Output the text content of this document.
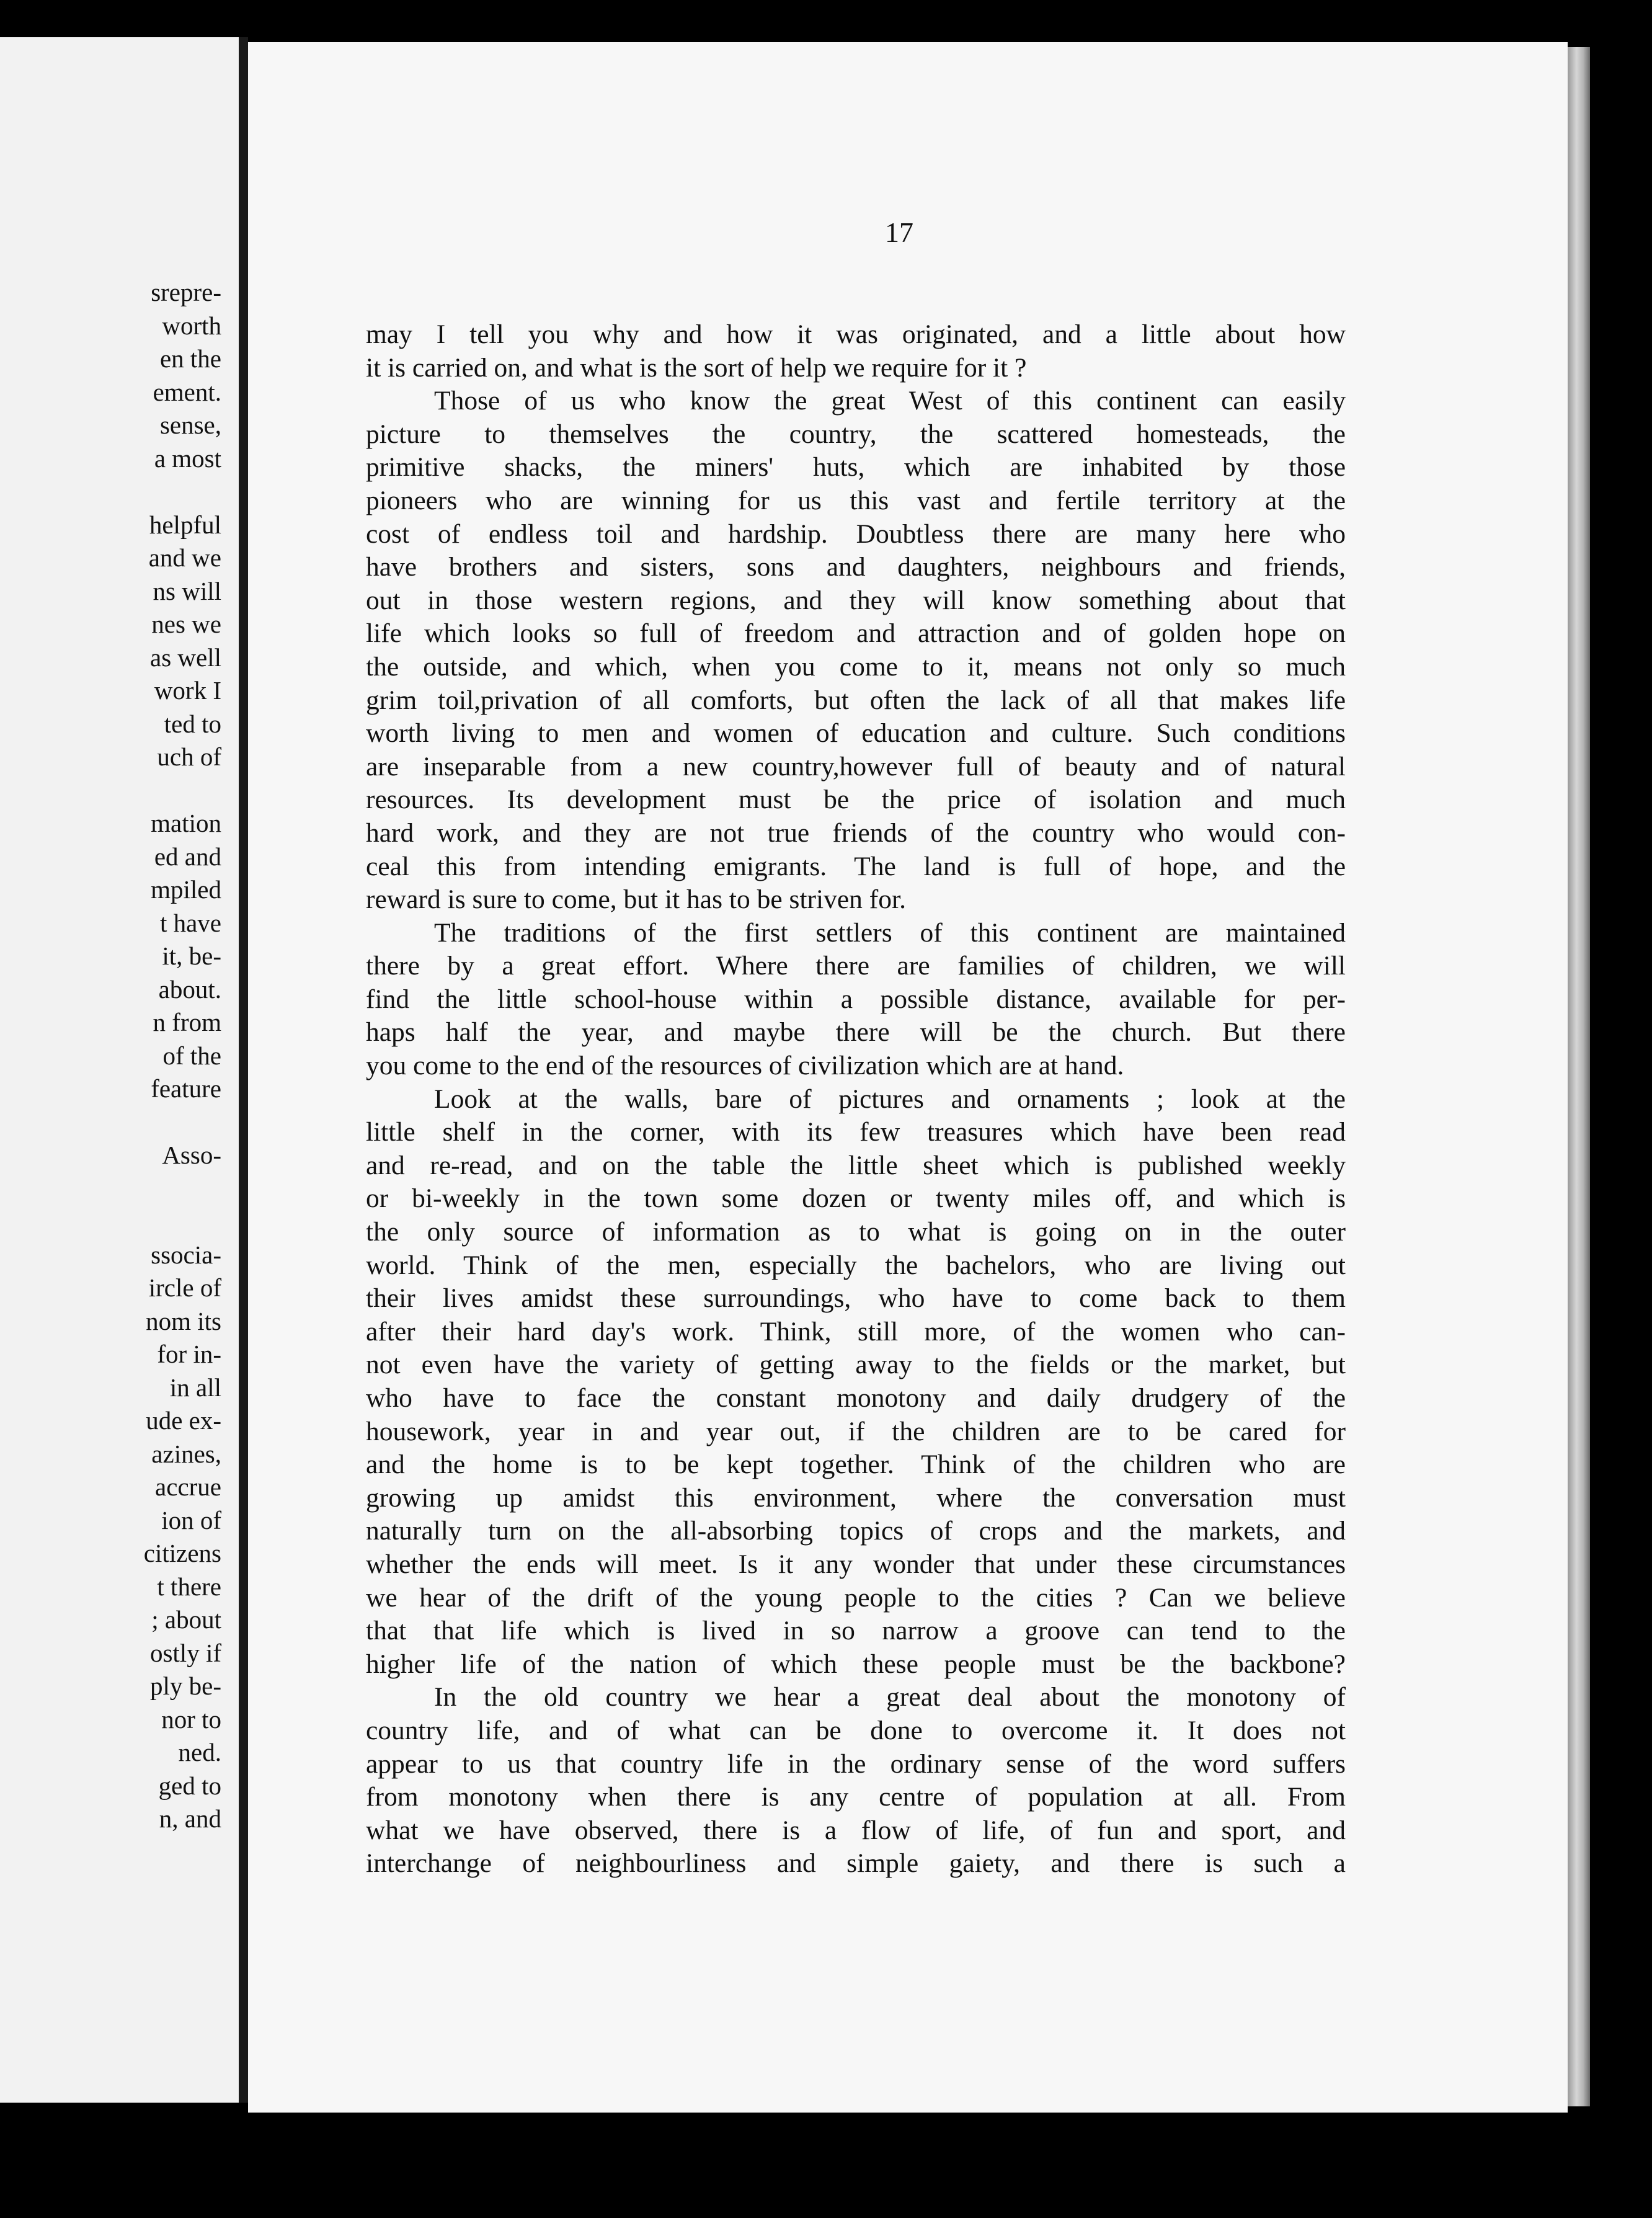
srepre-
worth
en the
ement.
sense,
a most
helpful
and we
ns will
nes we
as well
work I
ted to
uch of
mation
ed and
mpiled
t have
it, be-
about.
n from
of the
feature
Asso-
ssocia-
ircle of
nom its
for in-
in all
ude ex-
azines,
accrue
ion of
citizens
t there
; about
ostly if
ply be-
nor to
ned.
ged to
n, and
17
may I tell you why and how it was originated, and a little about how
it is carried on, and what is the sort of help we require for it ?
Those of us who know the great West of this continent can easily
picture to themselves the country, the scattered homesteads, the
primitive shacks, the miners' huts, which are inhabited by those
pioneers who are winning for us this vast and fertile territory at the
cost of endless toil and hardship. Doubtless there are many here who
have brothers and sisters, sons and daughters, neighbours and friends,
out in those western regions, and they will know something about that
life which looks so full of freedom and attraction and of golden hope on
the outside, and which, when you come to it, means not only so much
grim toil,privation of all comforts, but often the lack of all that makes life
worth living to men and women of education and culture. Such conditions
are inseparable from a new country,however full of beauty and of natural
resources. Its development must be the price of isolation and much
hard work, and they are not true friends of the country who would con-
ceal this from intending emigrants. The land is full of hope, and the
reward is sure to come, but it has to be striven for.
The traditions of the first settlers of this continent are maintained
there by a great effort. Where there are families of children, we will
find the little school-house within a possible distance, available for per-
haps half the year, and maybe there will be the church. But there
you come to the end of the resources of civilization which are at hand.
Look at the walls, bare of pictures and ornaments ; look at the
little shelf in the corner, with its few treasures which have been read
and re-read, and on the table the little sheet which is published weekly
or bi-weekly in the town some dozen or twenty miles off, and which is
the only source of information as to what is going on in the outer
world. Think of the men, especially the bachelors, who are living out
their lives amidst these surroundings, who have to come back to them
after their hard day's work. Think, still more, of the women who can-
not even have the variety of getting away to the fields or the market, but
who have to face the constant monotony and daily drudgery of the
housework, year in and year out, if the children are to be cared for
and the home is to be kept together. Think of the children who are
growing up amidst this environment, where the conversation must
naturally turn on the all-absorbing topics of crops and the markets, and
whether the ends will meet. Is it any wonder that under these circumstances
we hear of the drift of the young people to the cities ? Can we believe
that that life which is lived in so narrow a groove can tend to the
higher life of the nation of which these people must be the backbone?
In the old country we hear a great deal about the monotony of
country life, and of what can be done to overcome it. It does not
appear to us that country life in the ordinary sense of the word suffers
from monotony when there is any centre of population at all. From
what we have observed, there is a flow of life, of fun and sport, and
interchange of neighbourliness and simple gaiety, and there is such a
